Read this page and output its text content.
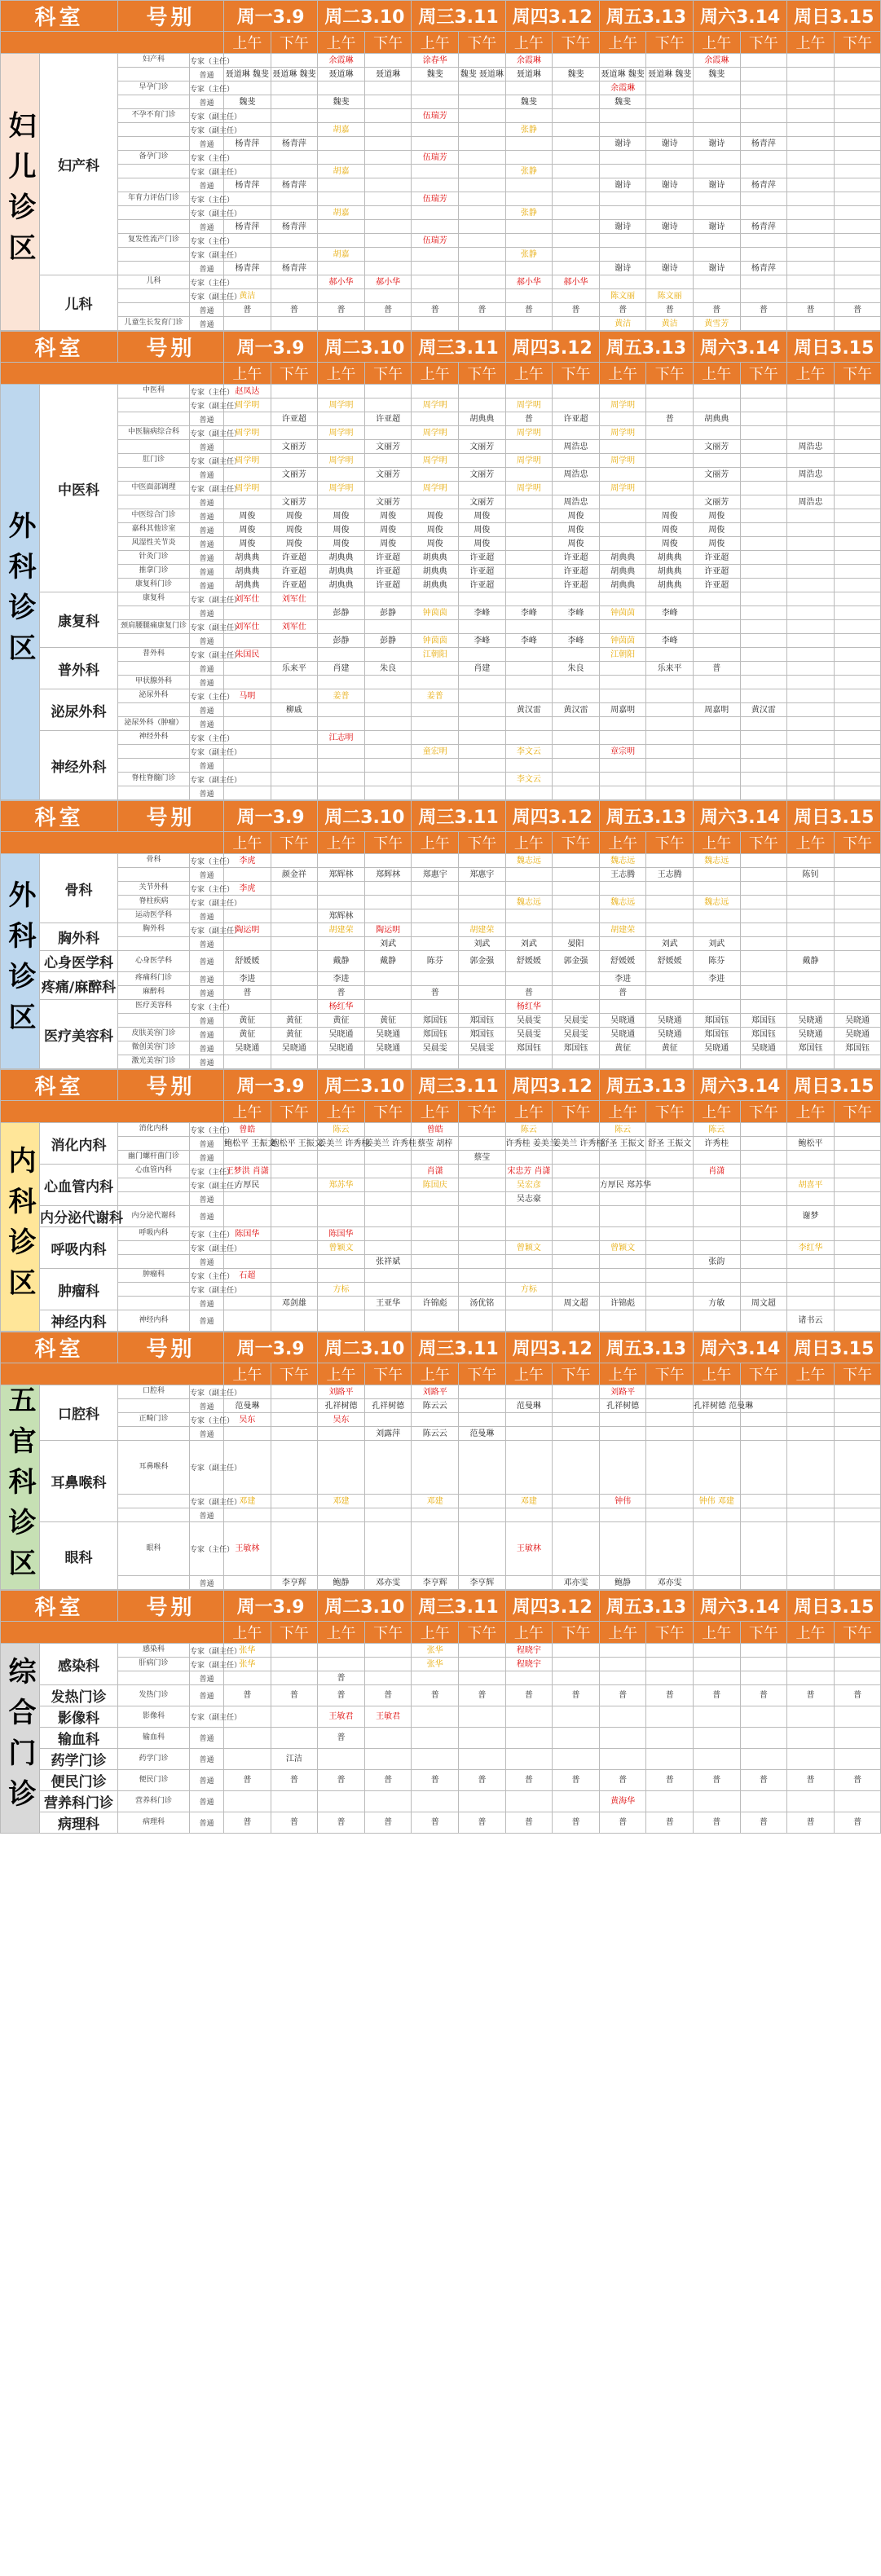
科室		号别		周一3.9		周二3.10		周三3.11		周四3.12		周五3.13		周六3.14		周日3.15	
				上午	下午	上午	下午	上午	下午	上午	下午	上午	下午	上午	下午	上午	下午
妇儿诊区	妇产科	妇产科	专家（主任）			余霞琳		涂春华		余霞琳				余霞琳			
			普通	聂道琳 魏斐	聂道琳 魏斐	聂道琳	聂道琳	魏斐	魏斐 聂道琳	聂道琳	魏斐	聂道琳 魏斐	聂道琳 魏斐	魏斐			
		早孕门诊	专家（主任）									余霞琳					
			普通	魏斐		魏斐				魏斐		魏斐					
		不孕不育门诊	专家（副主任）					伍瑞芳									
			专家（副主任）			胡嘉				张静							
			普通	杨青萍	杨青萍							谢诗	谢诗	谢诗	杨青萍		
		备孕门诊	专家（主任）					伍瑞芳									
			专家（副主任）			胡嘉				张静							
			普通	杨青萍	杨青萍							谢诗	谢诗	谢诗	杨青萍		
		年育力评估门诊	专家（主任）					伍瑞芳									
			专家（副主任）			胡嘉				张静							
			普通	杨青萍	杨青萍							谢诗	谢诗	谢诗	杨青萍		
		复发性流产门诊	专家（主任）					伍瑞芳									
			专家（副主任）			胡嘉				张静							
			普通	杨青萍	杨青萍							谢诗	谢诗	谢诗	杨青萍		
	儿科	儿科	专家（主任）			郝小华	郝小华			郝小华	郝小华						
			专家（副主任）	黄洁								陈文丽	陈文丽				
			普通	普	普	普	普	普	普	普	普	普	普	普	普	普	普
		儿童生长发育门诊	普通									黄洁	黄洁	黄雪芳			
科室		号别		周一3.9		周二3.10		周三3.11		周四3.12		周五3.13		周六3.14		周日3.15	
				上午	下午	上午	下午	上午	下午	上午	下午	上午	下午	上午	下午	上午	下午
外科诊区	中医科	中医科	专家（主任）	赵凤达													
			专家（副主任）	周学明		周学明		周学明		周学明		周学明					
			普通		许亚超		许亚超		胡典典	普	许亚超		普	胡典典			
		中医脑病综合科	专家（副主任）	周学明		周学明		周学明		周学明		周学明					
			普通		文丽芳		文丽芳		文丽芳		周浩忠			文丽芳		周浩忠	
		肛门诊	专家（副主任）	周学明		周学明		周学明		周学明		周学明					
			普通		文丽芳		文丽芳		文丽芳		周浩忠			文丽芳		周浩忠	
		中医面部调理	专家（副主任）	周学明		周学明		周学明		周学明		周学明					
			普通		文丽芳		文丽芳		文丽芳		周浩忠			文丽芳		周浩忠	
		中医综合门诊	普通	周俊	周俊	周俊	周俊	周俊	周俊		周俊		周俊	周俊			
		嘉科其他诊室	普通	周俊	周俊	周俊	周俊	周俊	周俊		周俊		周俊	周俊			
		风湿性关节炎	普通	周俊	周俊	周俊	周俊	周俊	周俊		周俊		周俊	周俊			
		针灸门诊	普通	胡典典	许亚超	胡典典	许亚超	胡典典	许亚超		许亚超	胡典典	胡典典	许亚超			
		推拿门诊	普通	胡典典	许亚超	胡典典	许亚超	胡典典	许亚超		许亚超	胡典典	胡典典	许亚超			
		康复科门诊	普通	胡典典	许亚超	胡典典	许亚超	胡典典	许亚超		许亚超	胡典典	胡典典	许亚超			
	康复科	康复科	专家（副主任）	刘军仕	刘军仕												
			普通			彭静	彭静	钟茵茵	李峰	李峰	李峰	钟茵茵	李峰				
		颈肩腰腿痛康复门诊	专家（副主任）	刘军仕	刘军仕												
			普通			彭静	彭静	钟茵茵	李峰	李峰	李峰	钟茵茵	李峰				
	普外科	普外科	专家（副主任）	朱国民				江朝阳				江朝阳					
			普通		乐来平	肖建	朱良		肖建		朱良		乐来平	普			
		甲状腺外科	普通														
	泌尿外科	泌尿外科	专家（主任）	马明		姜普		姜普									
			普通		柳戚					黄汉雷	黄汉雷	周嘉明		周嘉明	黄汉雷		
		泌尿外科（肿瘤）	普通														
	神经外科	神经外科	专家（主任）			江志明											
			专家（副主任）					童宏明		李文云		章宗明					
			普通														
		脊柱脊髓门诊	专家（副主任）							李文云							
			普通														
科室		号别		周一3.9		周二3.10		周三3.11		周四3.12		周五3.13		周六3.14		周日3.15	
				上午	下午	上午	下午	上午	下午	上午	下午	上午	下午	上午	下午	上午	下午
外科诊区	骨科	骨科	专家（主任）	李虎						魏志远		魏志远		魏志远			
			普通		颜金祥	郑辉林	郑辉林	郑惠宇	郑惠宇			王志腾	王志腾			陈钊	
		关节外科	专家（主任）	李虎													
		脊柱疾病	专家（副主任）							魏志远		魏志远		魏志远			
		运动医学科	普通			郑辉林											
	胸外科	胸外科	专家（副主任）	陶运明		胡建荣	陶运明		胡建荣			胡建荣					
			普通				刘武		刘武	刘武	晏阳		刘武	刘武			
	心身医学科	心身医学科	普通	舒媛媛		戴静	戴静	陈芬	郭金强	舒媛媛	郭金强	舒媛媛	舒媛媛	陈芬		戴静	
	疼痛/麻醉科	疼痛科门诊	普通	李进		李进						李进		李进			
		麻醉科	普通	普		普		普		普		普					
	医疗美容科	医疗美容科	专家（主任）			杨红华				杨红华							
			普通	黄征	黄征	黄征	黄征	郑国钰	郑国钰	吴晨雯	吴晨雯	吴晓通	吴晓通	郑国钰	郑国钰	吴晓通	吴晓通
		皮肤美容门诊	普通	黄征	黄征	吴晓通	吴晓通	郑国钰	郑国钰	吴晨雯	吴晨雯	吴晓通	吴晓通	郑国钰	郑国钰	吴晓通	吴晓通
		微创美容门诊	普通	吴晓通	吴晓通	吴晓通	吴晓通	吴晨雯	吴晨雯	郑国钰	郑国钰	黄征	黄征	吴晓通	吴晓通	郑国钰	郑国钰
		激光美容门诊	普通														
科室		号别		周一3.9		周二3.10		周三3.11		周四3.12		周五3.13		周六3.14		周日3.15	
				上午	下午	上午	下午	上午	下午	上午	下午	上午	下午	上午	下午	上午	下午
内科诊区	消化内科	消化内科	专家（主任）	曾皓		陈云		曾皓		陈云		陈云		陈云			
			普通	鲍松平 王振文	鲍松平 王振文	姜美兰 许秀桂	姜美兰 许秀桂	蔡莹 胡梓		许秀桂 姜美兰	姜美兰 许秀桂	舒圣 王振文	舒圣 王振文	许秀桂		鲍松平	
		幽门螺杆菌门诊	普通						蔡莹								
	心血管内科	心血管内科	专家（主任）	王梦洪 肖潇				肖潇		宋忠芳 肖潇				肖潇			
			专家（副主任）	方厚民		郑苏华		陈国庆		吴宏彦		方厚民 郑苏华				胡喜平	
			普通							吴志豪							
	内分泌代谢科	内分泌代谢科	普通													谢梦	
	呼吸内科	呼吸内科	专家（主任）	陈国华		陈国华											
			专家（副主任）			曾颖文				曾颖文		曾颖文				李红华	
			普通				张祥斌							张韵			
	肿瘤科	肿瘤科	专家（主任）	石超													
			专家（副主任）			方标				方标							
			普通		邓剑雄		王亚华	许锦彪	汤优铭		周文超	许锦彪		方敏	周文超		
	神经内科	神经内科	普通													诸书云	
科室		号别		周一3.9		周二3.10		周三3.11		周四3.12		周五3.13		周六3.14		周日3.15	
				上午	下午	上午	下午	上午	下午	上午	下午	上午	下午	上午	下午	上午	下午
五官科诊区	口腔科	口腔科	专家（副主任）			刘路平		刘路平				刘路平					
			普通	范曼琳		孔祥树德	孔祥树德	陈云云		范曼琳		孔祥树德		孔祥树德 范曼琳			
		正畸门诊	专家（主任）	吴东		吴东											
			普通				刘露萍	陈云云	范曼琳								
	耳鼻喉科	耳鼻喉科	专家（副主任）														
			专家（副主任）	邓建		邓建		邓建		邓建		钟伟		钟伟 邓建			
			普通														
	眼科	眼科	专家（主任）	王敏林						王敏林							
			普通		李亨辉	鲍静	邓亦雯	李亨辉	李亨辉		邓亦雯	鲍静	邓亦雯				
科室		号别		周一3.9		周二3.10		周三3.11		周四3.12		周五3.13		周六3.14		周日3.15	
				上午	下午	上午	下午	上午	下午	上午	下午	上午	下午	上午	下午	上午	下午
综合门诊	感染科	感染科	专家（副主任）	张华				张华		程晓宇							
		肝病门诊	专家（副主任）	张华				张华		程晓宇							
			普通			普											
	发热门诊	发热门诊	普通	普	普	普	普	普	普	普	普	普	普	普	普	普	普
	影像科	影像科	专家（副主任）			王敏君	王敏君										
	输血科	输血科	普通			普											
	药学门诊	药学门诊	普通		江洁												
	便民门诊	便民门诊	普通	普	普	普	普	普	普	普	普	普	普	普	普	普	普
	营养科门诊	营养科门诊	普通									黄海华					
	病理科	病理科	普通	普	普	普	普	普	普	普	普	普	普	普	普	普	普
